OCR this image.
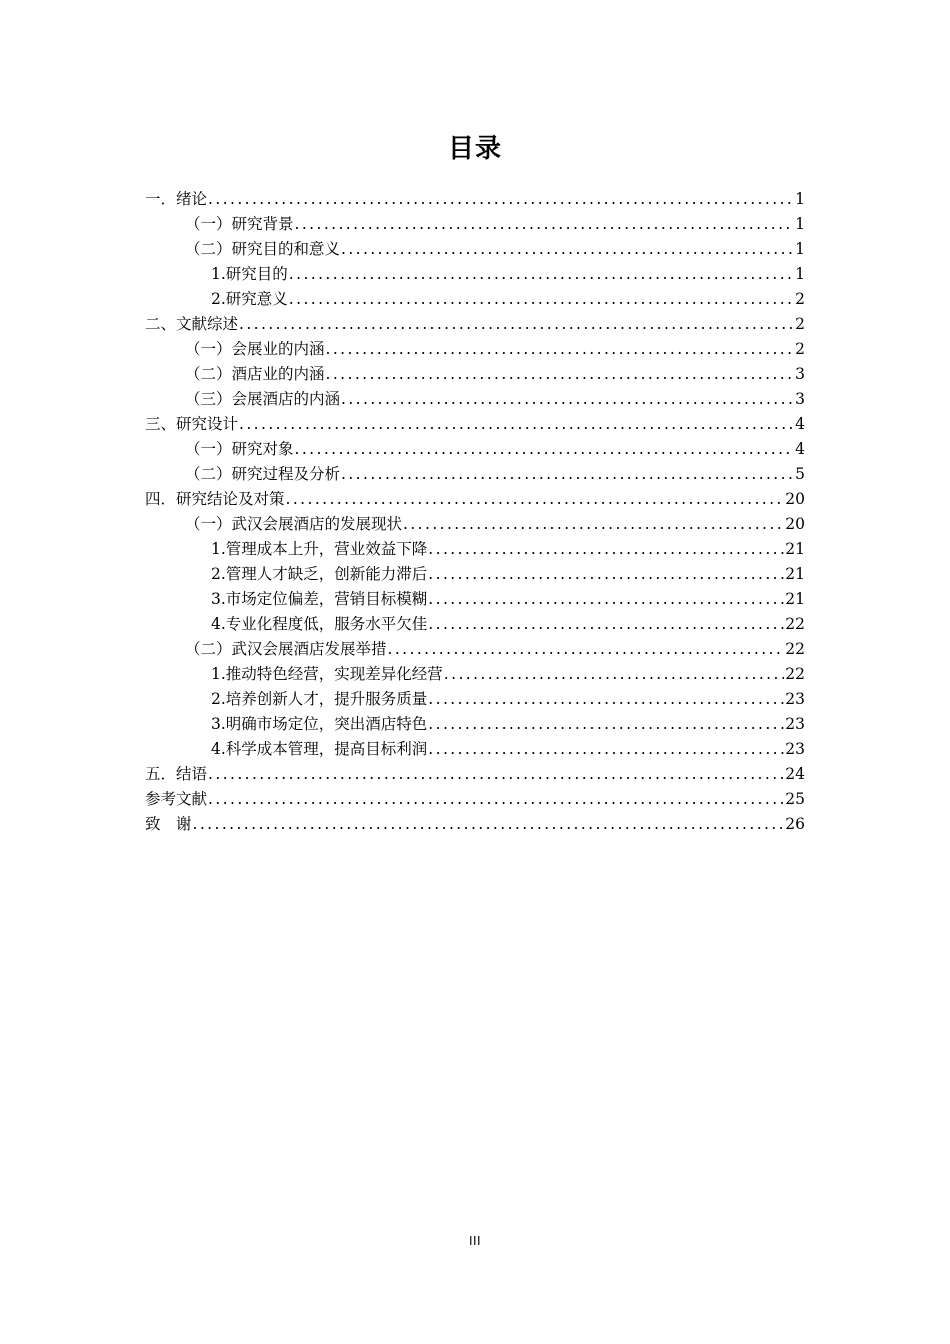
目录
一．绪论 .....	1
（一）研究背景 .....	1
（二）研究目的和意义 .....	1
1.研究目的 .....	1
2.研究意义 .....	2
二、文献综述 .....	2
（一）会展业的内涵 .....	2
（二）酒店业的内涵 .....	3
（三）会展酒店的内涵 .....	3
三、研究设计 .....	4
（一）研究对象 .....	4
（二）研究过程及分析 .....	5
四．研究结论及对策 .....	20
（一）武汉会展酒店的发展现状 .....	20
1.管理成本上升，营业效益下降 .....	21
2.管理人才缺乏，创新能力滞后 .....	21
3.市场定位偏差，营销目标模糊 .....	21
4.专业化程度低，服务水平欠佳 .....	22
（二）武汉会展酒店发展举措 .....	22
1.推动特色经营，实现差异化经营 .....	22
2.培养创新人才，提升服务质量 .....	23
3.明确市场定位，突出酒店特色 .....	23
4.科学成本管理，提高目标利润 .....	23
五．结语 .....	24
参考文献 .....	25
致　谢 .....	26
III
